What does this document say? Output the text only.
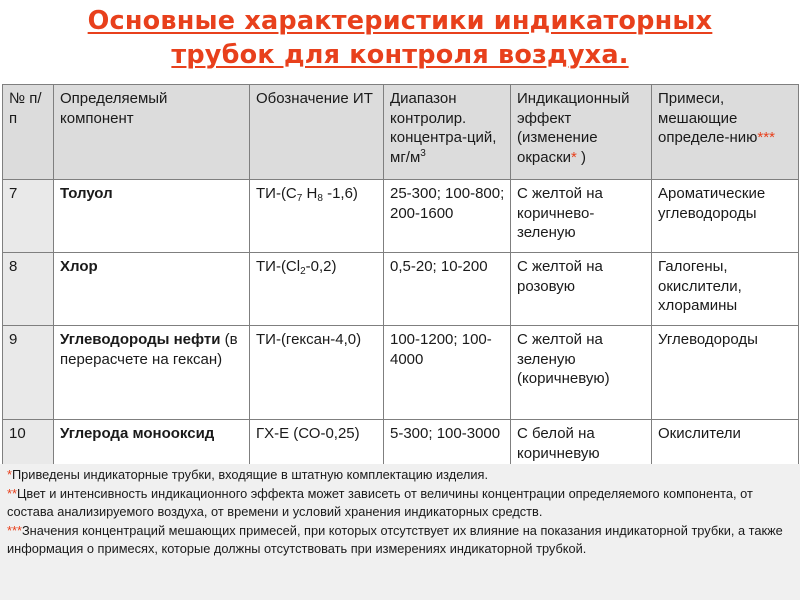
Основные характеристики индикаторных
трубок для контроля воздуха.
№ п/п	Определяемый компонент	Обозначение ИТ	Диапазон контролир. концентра-ций, $мг/м^3$	Индикационный эффект (изменение окраски* )	Примеси, мешающие определе-нию***
7	Толуол	$ТИ-(С_7$ $Н_8$ -1,6)	25-300; 100-800; 200-1600	С желтой на коричнево-зеленую	Ароматические углеводороды
8	Хлор	$ТИ-(Cl_2-0,2)$	0,5-20; 10-200	С желтой на розовую	Галогены, окислители, хлорамины
9	Углеводороды нефти (в перерасчете на гексан)	ТИ-(гексан-4,0)	100-1200; 100-4000	С желтой на зеленую (коричневую)	Углеводороды
10	Углерода монооксид	ГХ-Е (СО-0,25)	5-300; 100-3000	С белой на коричневую	Окислители

*Приведены индикаторные трубки, входящие в штатную комплектацию изделия.

**Цвет и интенсивность индикационного эффекта может зависеть от величины концентрации определяемого компонента, от состава анализируемого воздуха, от времени и условий хранения индикаторных средств.

***Значения концентраций мешающих примесей, при которых отсутствует их влияние на показания индикаторной трубки, а также информация о примесях, которые должны отсутствовать при измерениях индикаторной трубкой.
